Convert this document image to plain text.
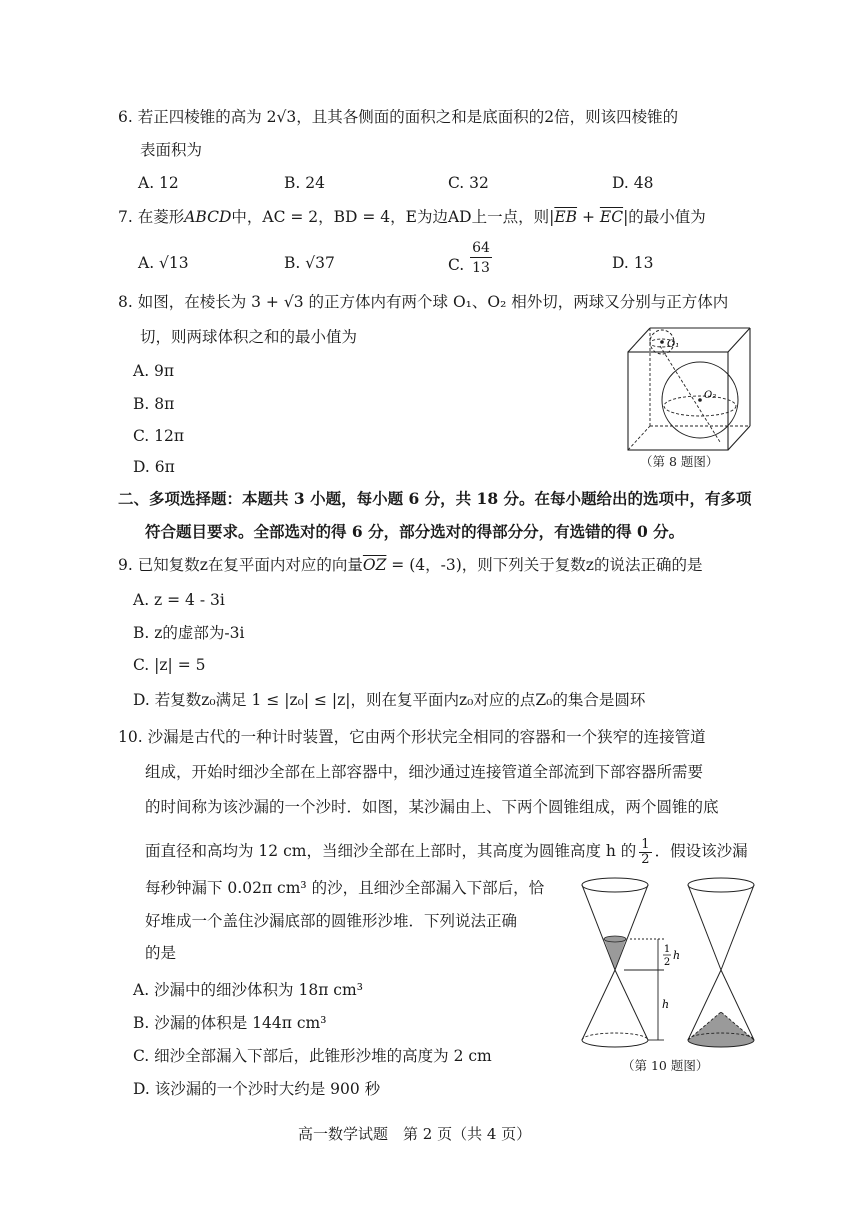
6. 若正四棱锥的高为 2√3，且其各侧面的面积之和是底面积的2倍，则该四棱锥的
表面积为
A. 12	B. 24	C. 32	D. 48
7. 在菱形ABCD中，AC = 2，BD = 4，E为边AD上一点，则$|\overline{EB} + \overline{EC}|$的最小值为
A. √13	B. √37	C.
64
13	D. 13
8. 如图，在棱长为 3 + √3 的正方体内有两个球 O₁、O₂ 相外切，两球又分别与正方体内
切，则两球体积之和的最小值为
A. 9π
B. 8π
C. 12π
D. 6π
O₁
O₂
（第 8 题图）
二、多项选择题：本题共 3 小题，每小题 6 分，共 18 分。在每小题给出的选项中，有多项
符合题目要求。全部选对的得 6 分，部分选对的得部分分，有选错的得 0 分。
9. 已知复数z在复平面内对应的向量$\overline{OZ} = (4$，-3)，则下列关于复数z的说法正确的是
A. z = 4 - 3i
B. z的虚部为-3i
C. |z| = 5
D. 若复数z₀满足 1 ≤ |z₀| ≤ |z|，则在复平面内z₀对应的点Z₀的集合是圆环
10. 沙漏是古代的一种计时装置，它由两个形状完全相同的容器和一个狭窄的连接管道
组成，开始时细沙全部在上部容器中，细沙通过连接管道全部流到下部容器所需要
的时间称为该沙漏的一个沙时．如图，某沙漏由上、下两个圆锥组成，两个圆锥的底
面直径和高均为 12 cm，当细沙全部在上部时，其高度为圆锥高度 h 的 $\frac{1}{2}$ ．假设该沙漏
每秒钟漏下 0.02π cm³ 的沙，且细沙全部漏入下部后，恰
好堆成一个盖住沙漏底部的圆锥形沙堆．下列说法正确
的是
A. 沙漏中的细沙体积为 18π cm³
B. 沙漏的体积是 144π cm³
C. 细沙全部漏入下部后，此锥形沙堆的高度为 2 cm
D. 该沙漏的一个沙时大约是 900 秒
1
2
h
h
（第 10 题图）
高一数学试题　第 2 页（共 4 页）
